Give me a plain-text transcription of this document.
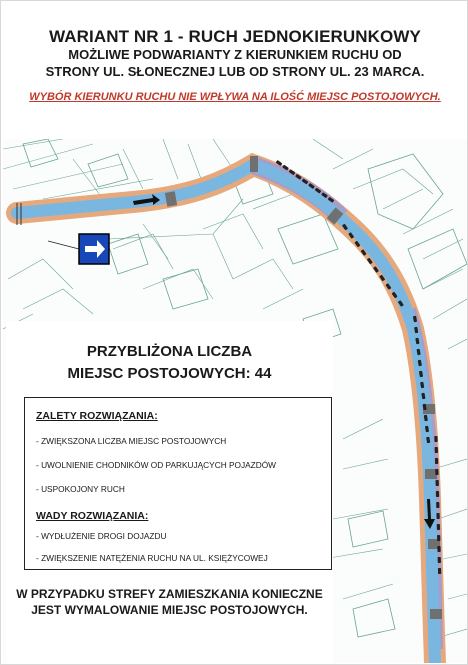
WARIANT NR 1 - RUCH JEDNOKIERUNKOWY
MOŻLIWE PODWARIANTY Z KIERUNKIEM RUCHU OD
STRONY UL. SŁONECZNEJ LUB OD STRONY UL. 23 MARCA.
WYBÓR KIERUNKU RUCHU NIE WPŁYWA NA ILOŚĆ MIEJSC POSTOJOWYCH.
PRZYBLIŻONA LICZBA
MIEJSC POSTOJOWYCH: 44
ZALETY ROZWIĄZANIA:
- ZWIĘKSZONA LICZBA MIEJSC POSTOJOWYCH
- UWOLNIENIE CHODNIKÓW OD PARKUJĄCYCH POJAZDÓW
- USPOKOJONY RUCH
WADY ROZWIĄZANIA:
- WYDŁUŻENIE DROGI DOJAZDU
- ZWIĘKSZENIE NATĘŻENIA RUCHU NA UL. KSIĘŻYCOWEJ
W PRZYPADKU STREFY ZAMIESZKANIA KONIECZNE
JEST WYMALOWANIE MIEJSC POSTOJOWYCH.
